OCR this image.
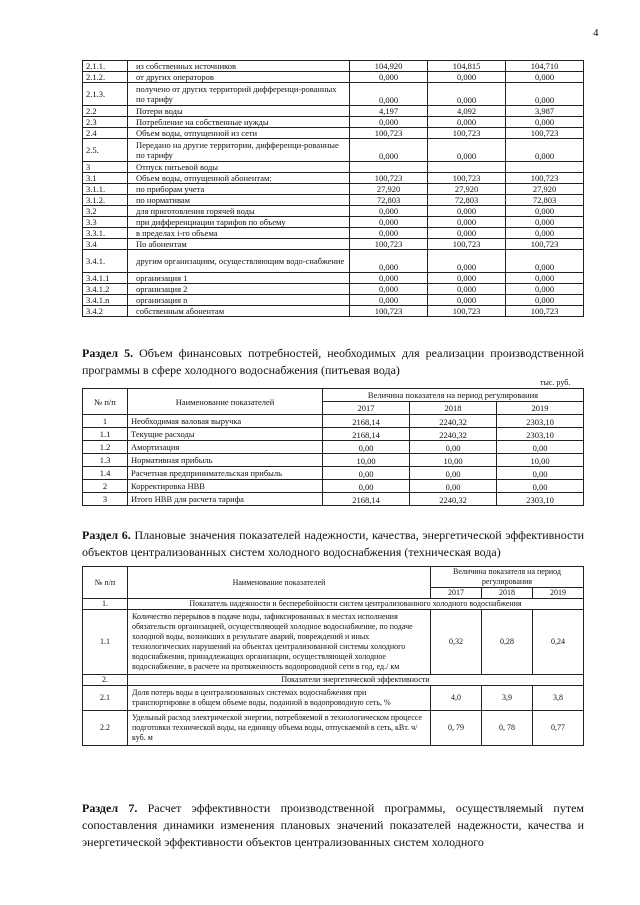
4
2.1.1.	из собственных источников	104,920	104,815	104,710
2.1.2.	от других операторов	0,000	0,000	0,000
2.1.3.	получено от других территорий дифференци-рованных по тарифу	0,000	0,000	0,000
2.2	Потери воды	4,197	4,092	3,987
2.3	Потребление на собственные нужды	0,000	0,000	0,000
2.4	Объем воды, отпущенной из сети	100,723	100,723	100,723
2.5.	Передано на другие территории, дифференци-рованные по тарифу	0,000	0,000	0,000
3	Отпуск питьевой воды			
3.1	Объем воды, отпущенной абонентам:	100,723	100,723	100,723
3.1.1.	по приборам учета	27,920	27,920	27,920
3.1.2.	по нормативам	72,803	72,803	72,803
3.2	для приготовления горячей воды	0,000	0,000	0,000
3.3	при дифференциации тарифов по объему	0,000	0,000	0,000
3.3.1.	в пределах i-го объема	0,000	0,000	0,000
3.4	По абонентам	100,723	100,723	100,723
3.4.1.	другим организациям, осуществляющим водо-снабжение	0,000	0,000	0,000
3.4.1.1	организация 1	0,000	0,000	0,000
3.4.1.2	организация 2	0,000	0,000	0,000
3.4.1.n	организация n	0,000	0,000	0,000
3.4.2	собственным абонентам	100,723	100,723	100,723
Раздел 5. Объем финансовых потребностей, необходимых для реализации производственной программы в сфере холодного водоснабжения (питьевая вода)
тыс. руб.
№ п/п	Наименование показателей	Величина показателя на период регулирования		
		2017	2018	2019
1	Необходимая валовая выручка	2168,14	2240,32	2303,10
1.1	Текущие расходы	2168,14	2240,32	2303,10
1.2	Амортизация	0,00	0,00	0,00
1.3	Нормативная прибыль	10,00	10,00	10,00
1.4	Расчетная предпринимательская прибыль	0,00	0,00	0,00
2	Корректировка НВВ	0,00	0,00	0,00
3	Итого НВВ для расчета тарифа	2168,14	2240,32	2303,10
Раздел 6. Плановые значения показателей надежности, качества, энергетической эффективности объектов централизованных систем холодного водоснабжения (техническая вода)
№ п/п	Наименование показателей	Величина показателя на период регулирования		
		2017	2018	2019
1.	Показатель надежности и бесперебойности систем централизованного холодного водоснабжения			
1.1	Количество перерывов в подаче воды, зафиксированных в местах исполнения обязательств организацией, осуществляющей холодное водоснабжение, по подаче холодной воды, возникших в результате аварий, повреждений и иных технологических нарушений на объектах централизованной системы холодного водоснабжения, принадлежащих организации, осуществляющей холодное водоснабжение, в расчете на протяженность водопроводной сети в год, ед./ км	0,32	0,28	0,24
2.	Показатели энергетической эффективности			
2.1	Доля потерь воды в централизованных системах водоснабжения при транспортировке в общем объеме воды, поданной в водопроводную сеть, %	4,0	3,9	3,8
2.2	Удельный расход электрической энергии, потребляемой в технологическом процессе подготовки технической воды, на единицу объема воды, отпускаемой в сеть, кВт. ч/куб. м	0, 79	0, 78	0,77
Раздел 7. Расчет эффективности производственной программы, осуществляемый путем сопоставления динамики изменения плановых значений показателей надежности, качества и энергетической эффективности объектов централизованных систем холодного
